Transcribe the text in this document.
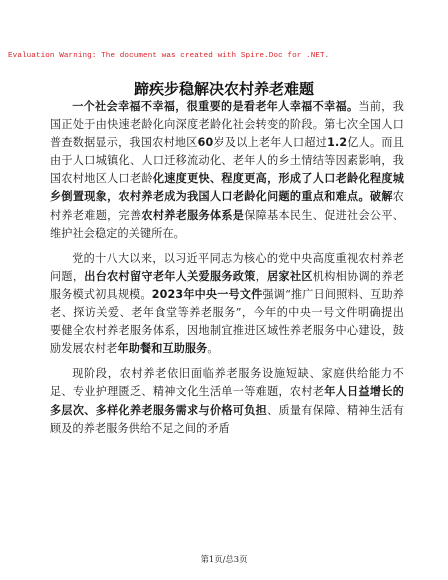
Evaluation Warning: The document was created with Spire.Doc for .NET.
蹄疾步稳解决农村养老难题

一个社会幸福不幸福，很重要的是看老年人幸福不幸福。当前，我国正处于由快速老龄化向深度老龄化社会转变的阶段。第七次全国人口普查数据显示，我国农村地区60岁及以上老年人口超过1.2亿人。而且由于人口城镇化、人口迁移流动化、老年人的乡土情结等因素影响，我国农村地区人口老龄化速度更快、程度更高，形成了人口老龄化程度城乡倒置现象，农村养老成为我国人口老龄化问题的重点和难点。破解农村养老难题，完善农村养老服务体系是保障基本民生、促进社会公平、维护社会稳定的关键所在。

党的十八大以来，以习近平同志为核心的党中央高度重视农村养老问题，出台农村留守老年人关爱服务政策，居家社区机构相协调的养老服务模式初具规模。2023年中央一号文件强调“推广日间照料、互助养老、探访关爱、老年食堂等养老服务”，今年的中央一号文件明确提出要健全农村养老服务体系，因地制宜推进区域性养老服务中心建设，鼓励发展农村老年助餐和互助服务。

现阶段，农村养老依旧面临养老服务设施短缺、家庭供给能力不足、专业护理匮乏、精神文化生活单一等难题，农村老年人日益增长的多层次、多样化养老服务需求与价格可负担、质量有保障、精神生活有顾及的养老服务供给不足之间的矛盾

第1页/总3页
